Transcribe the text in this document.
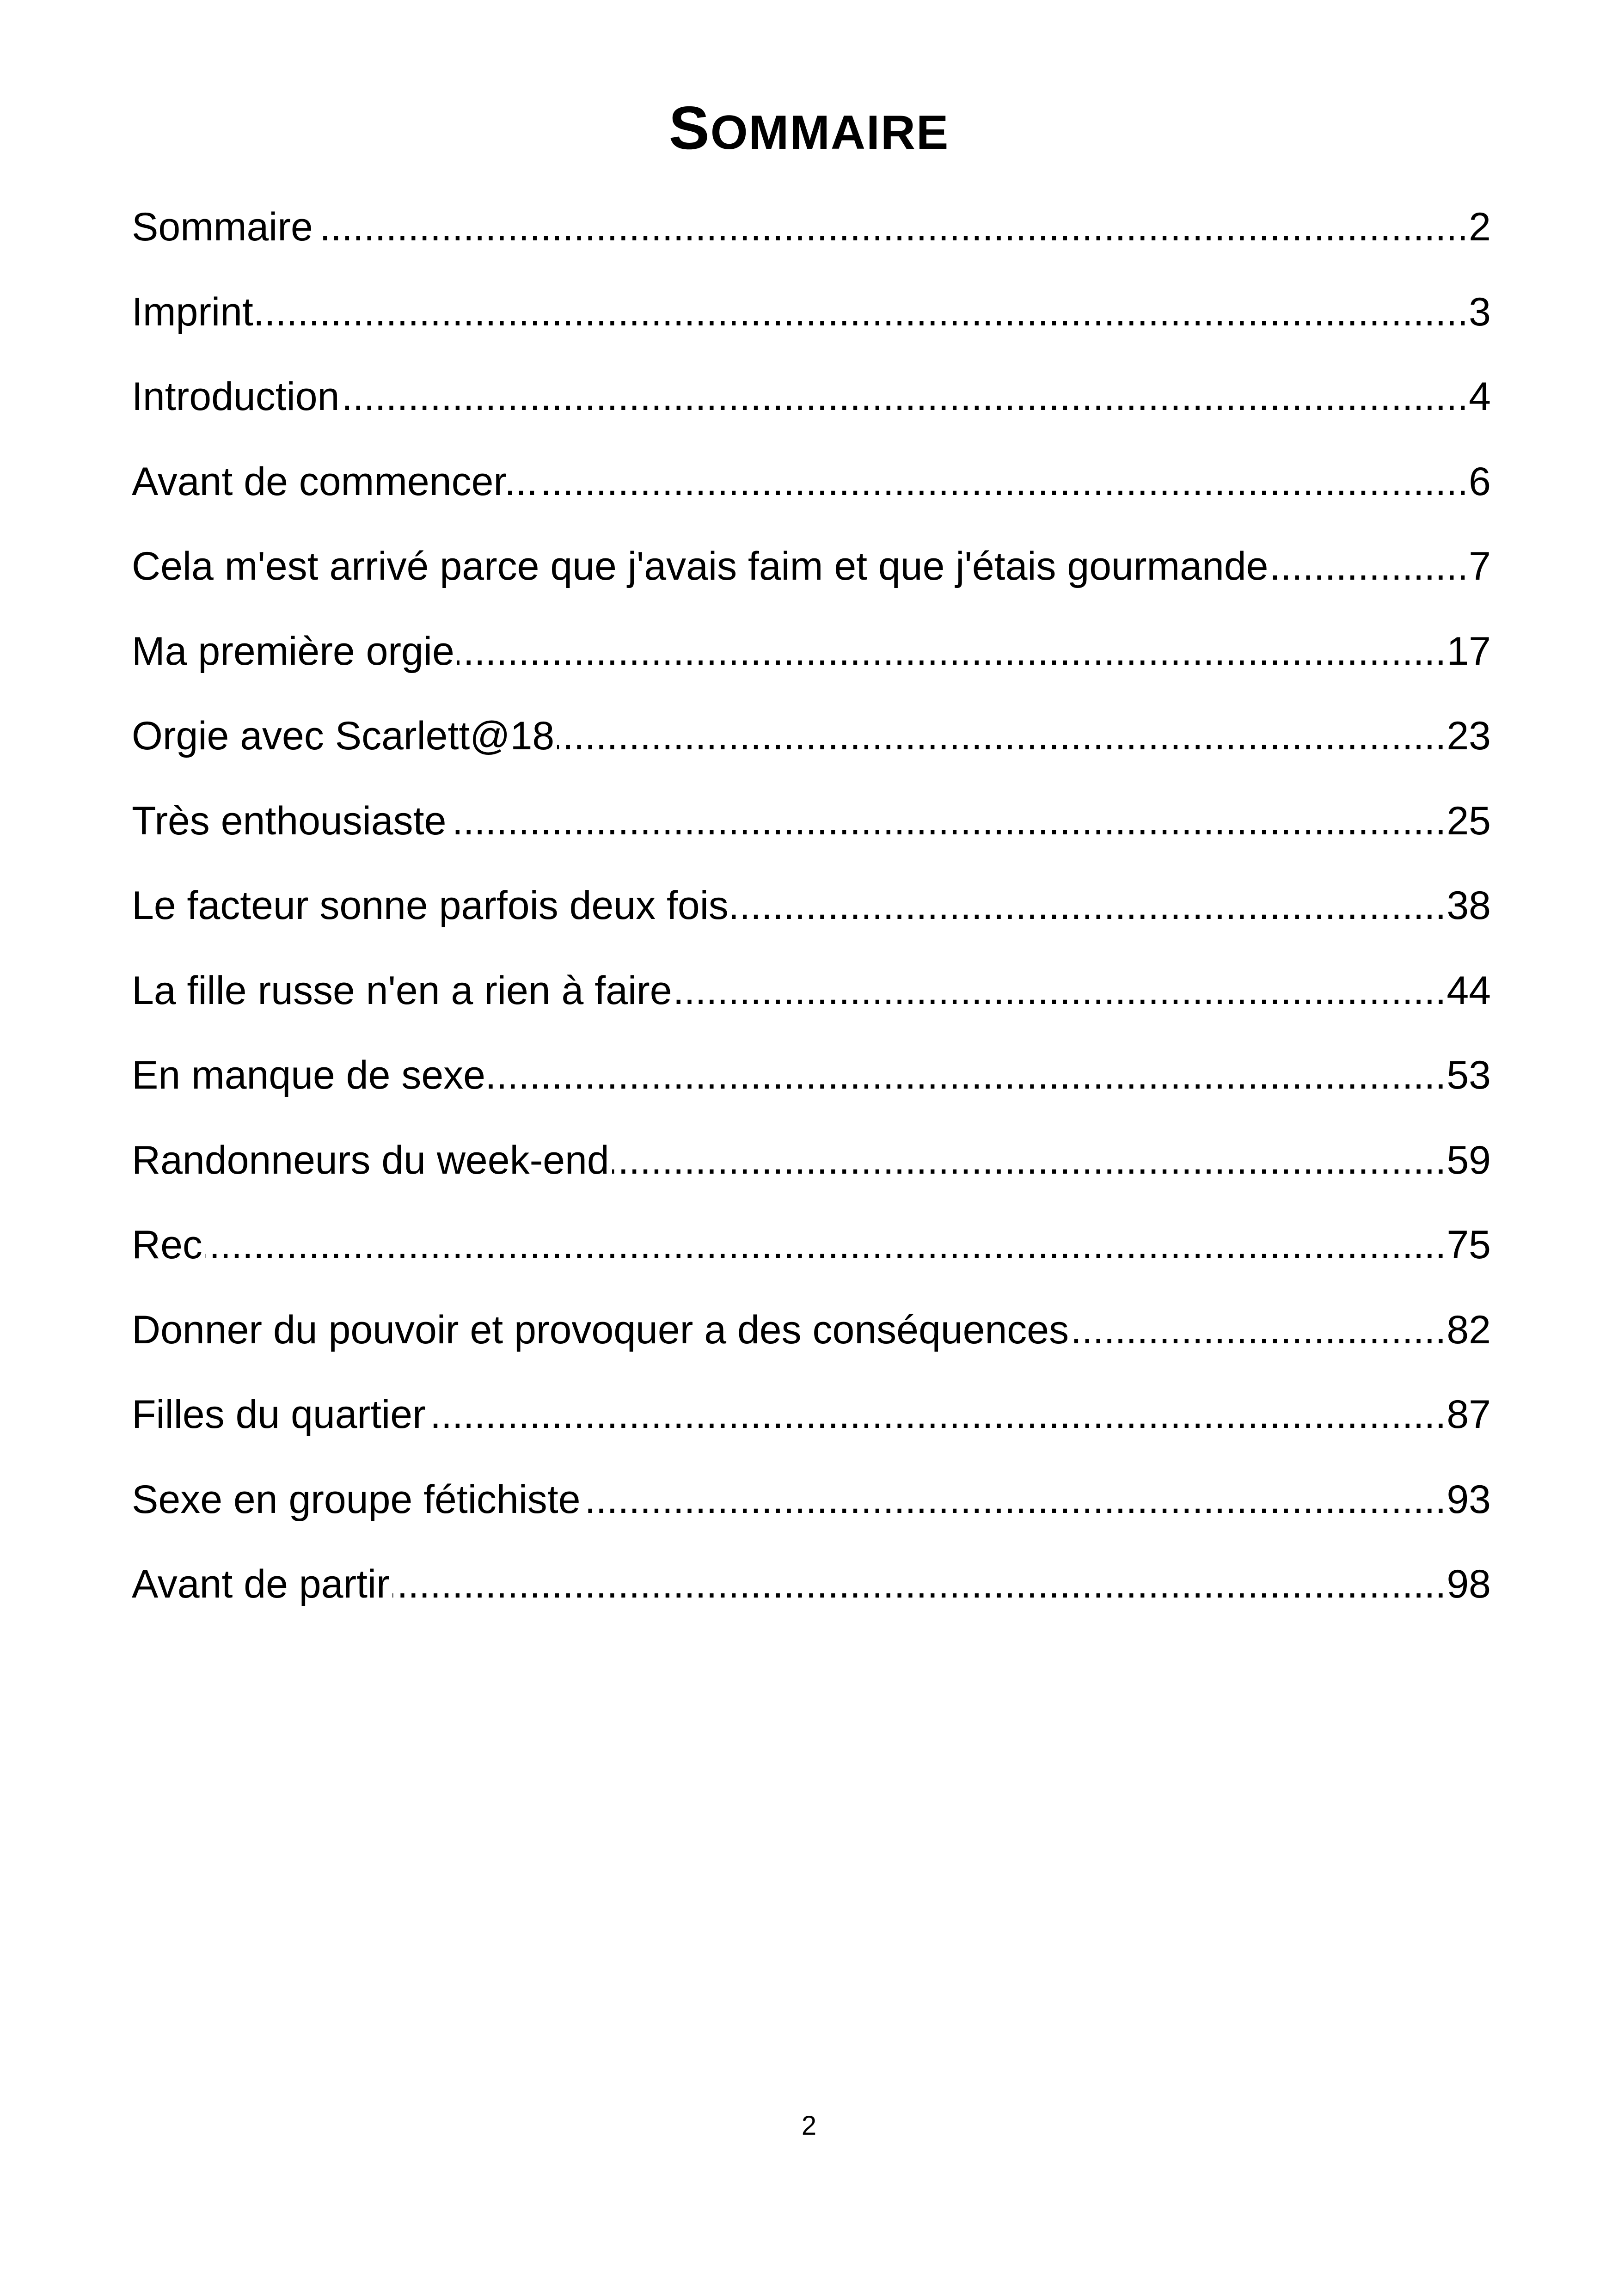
SOMMAIRE
.....
Sommaire	2
.....
Imprint	3
.....
Introduction	4
.....
Avant de commencer...	6
.....
Cela m'est arrivé parce que j'avais faim et que j'étais gourmande	7
.....
Ma première orgie	17
.....
Orgie avec Scarlett@18	23
.....
Très enthousiaste	25
.....
Le facteur sonne parfois deux fois	38
.....
La fille russe n'en a rien à faire	44
.....
En manque de sexe	53
.....
Randonneurs du week-end	59
.....
Rec	75
.....
Donner du pouvoir et provoquer a des conséquences	82
.....
Filles du quartier	87
.....
Sexe en groupe fétichiste	93
.....
Avant de partir	98
2
